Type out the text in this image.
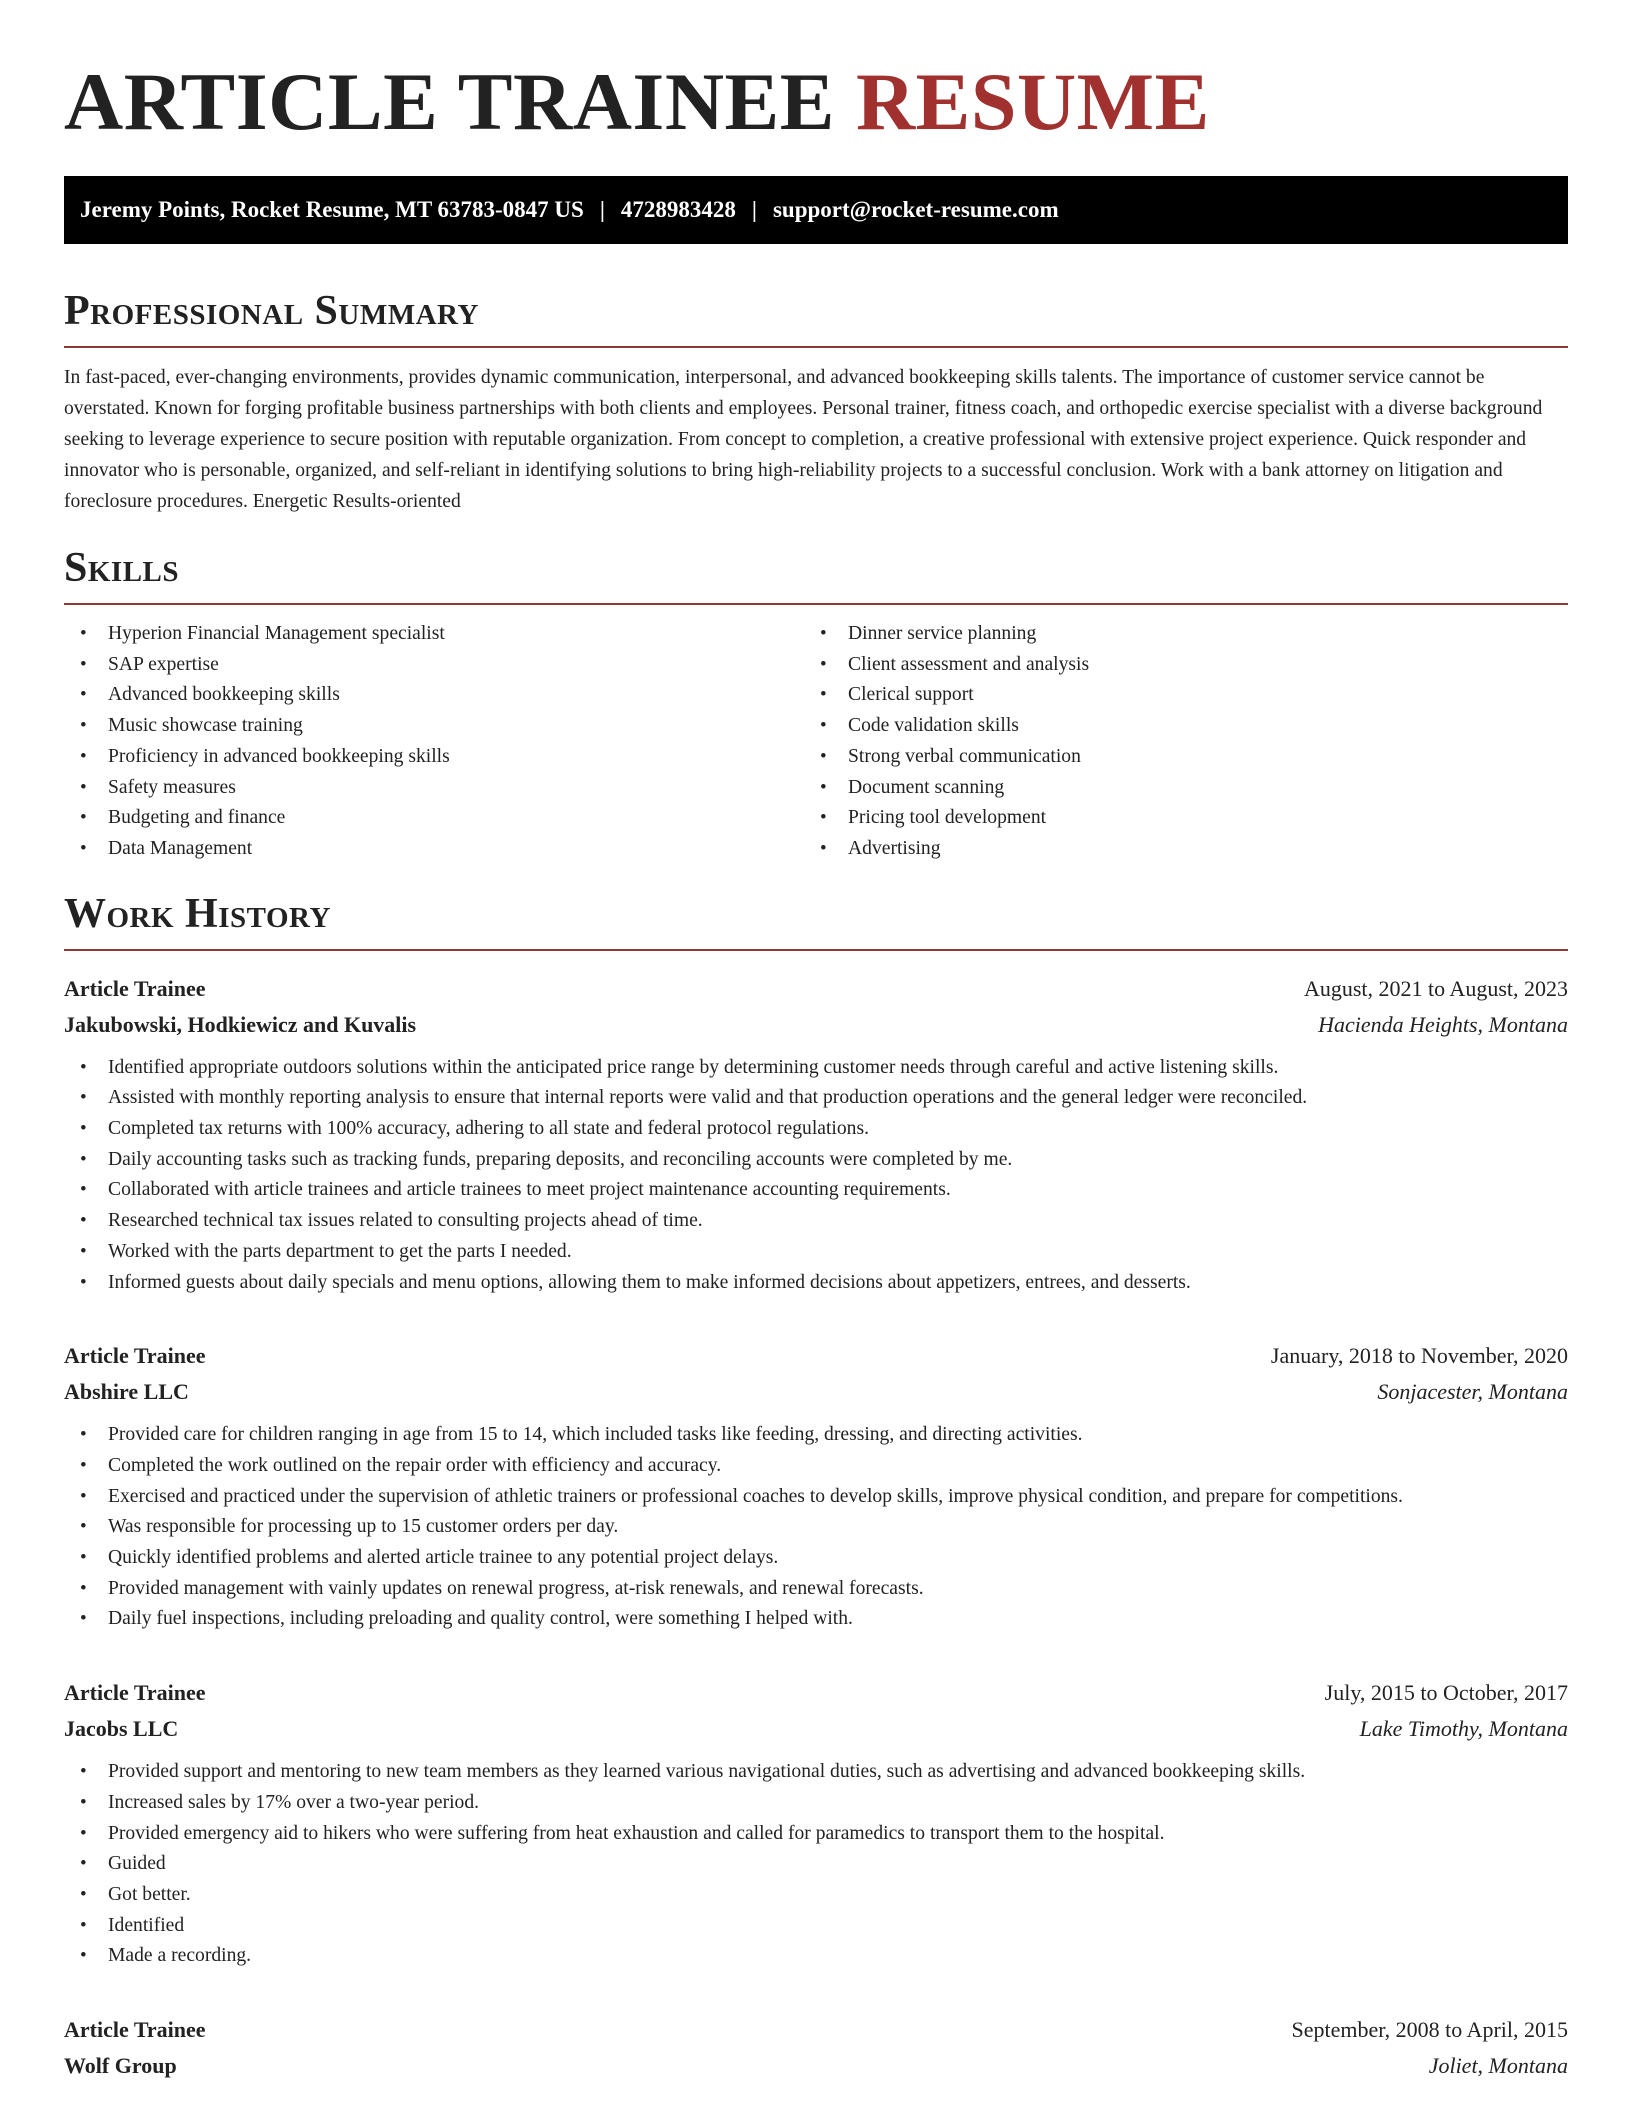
ARTICLE TRAINEE RESUME
Jeremy Points, Rocket Resume, MT 63783-0847 US | 4728983428 | support@rocket-resume.com
Professional Summary

In fast-paced, ever-changing environments, provides dynamic communication, interpersonal, and advanced bookkeeping skills talents. The importance of customer service cannot be overstated. Known for forging profitable business partnerships with both clients and employees. Personal trainer, fitness coach, and orthopedic exercise specialist with a diverse background seeking to leverage experience to secure position with reputable organization. From concept to completion, a creative professional with extensive project experience. Quick responder and innovator who is personable, organized, and self-reliant in identifying solutions to bring high-reliability projects to a successful conclusion. Work with a bank attorney on litigation and foreclosure procedures. Energetic Results-oriented

Skills
• Hyperion Financial Management specialist
• SAP expertise
• Advanced bookkeeping skills
• Music showcase training
• Proficiency in advanced bookkeeping skills
• Safety measures
• Budgeting and finance
• Data Management
• Dinner service planning
• Client assessment and analysis
• Clerical support
• Code validation skills
• Strong verbal communication
• Document scanning
• Pricing tool development
• Advertising
Work History
Article Trainee	August, 2021 to August, 2023
Jakubowski, Hodkiewicz and Kuvalis	Hacienda Heights, Montana
• Identified appropriate outdoors solutions within the anticipated price range by determining customer needs through careful and active listening skills.
• Assisted with monthly reporting analysis to ensure that internal reports were valid and that production operations and the general ledger were reconciled.
• Completed tax returns with 100% accuracy, adhering to all state and federal protocol regulations.
• Daily accounting tasks such as tracking funds, preparing deposits, and reconciling accounts were completed by me.
• Collaborated with article trainees and article trainees to meet project maintenance accounting requirements.
• Researched technical tax issues related to consulting projects ahead of time.
• Worked with the parts department to get the parts I needed.
• Informed guests about daily specials and menu options, allowing them to make informed decisions about appetizers, entrees, and desserts.
Article Trainee	January, 2018 to November, 2020
Abshire LLC	Sonjacester, Montana
• Provided care for children ranging in age from 15 to 14, which included tasks like feeding, dressing, and directing activities.
• Completed the work outlined on the repair order with efficiency and accuracy.
• Exercised and practiced under the supervision of athletic trainers or professional coaches to develop skills, improve physical condition, and prepare for competitions.
• Was responsible for processing up to 15 customer orders per day.
• Quickly identified problems and alerted article trainee to any potential project delays.
• Provided management with vainly updates on renewal progress, at-risk renewals, and renewal forecasts.
• Daily fuel inspections, including preloading and quality control, were something I helped with.
Article Trainee	July, 2015 to October, 2017
Jacobs LLC	Lake Timothy, Montana
• Provided support and mentoring to new team members as they learned various navigational duties, such as advertising and advanced bookkeeping skills.
• Increased sales by 17% over a two-year period.
• Provided emergency aid to hikers who were suffering from heat exhaustion and called for paramedics to transport them to the hospital.
• Guided
• Got better.
• Identified
• Made a recording.
Article Trainee	September, 2008 to April, 2015
Wolf Group	Joliet, Montana
